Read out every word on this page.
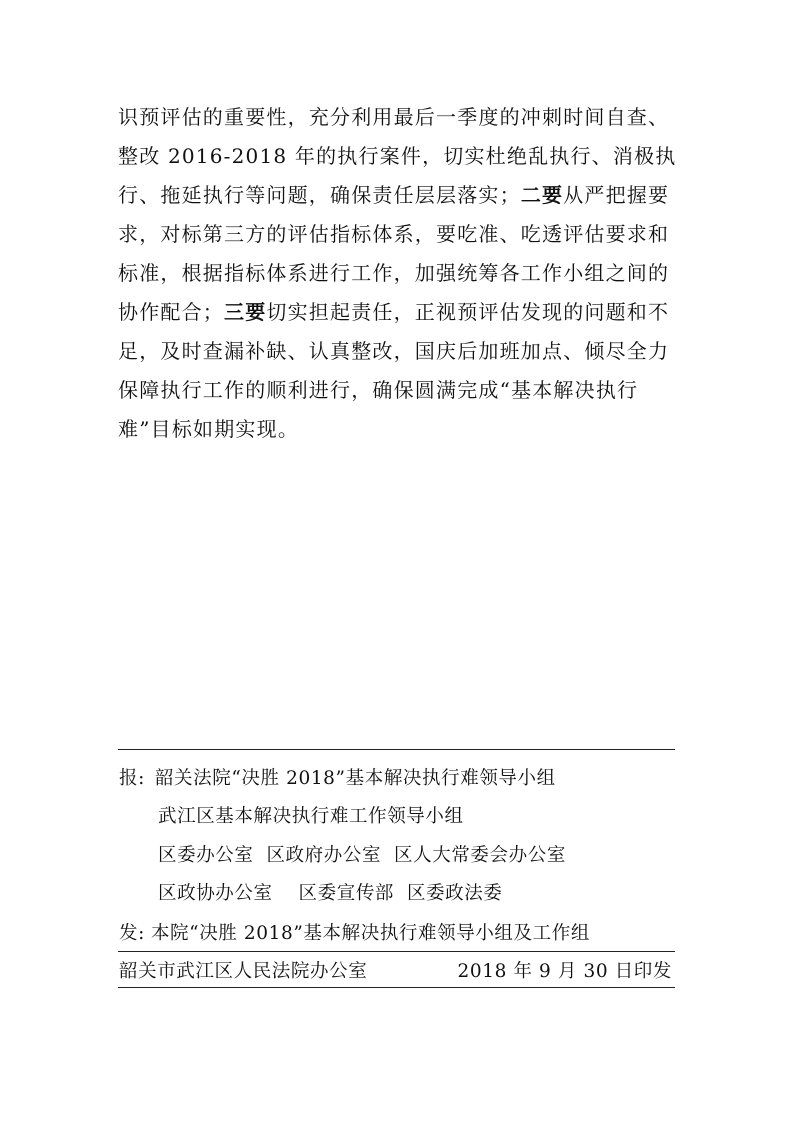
识预评估的重要性，充分利用最后一季度的冲刺时间自查、整改 2016-2018 年的执行案件，切实杜绝乱执行、消极执行、拖延执行等问题，确保责任层层落实；二要从严把握要求，对标第三方的评估指标体系，要吃准、吃透评估要求和标准，根据指标体系进行工作，加强统筹各工作小组之间的协作配合；三要切实担起责任，正视预评估发现的问题和不足，及时查漏补缺、认真整改，国庆后加班加点、倾尽全力保障执行工作的顺利进行，确保圆满完成“基本解决执行难”目标如期实现。

报: 韶关法院“决胜 2018”基本解决执行难领导小组
武江区基本解决执行难工作领导小组
区委办公室  区政府办公室  区人大常委会办公室
区政协办公室    区委宣传部  区委政法委
发: 本院“决胜 2018”基本解决执行难领导小组及工作组
韶关市武江区人民法院办公室	2018 年 9 月 30 日印发
